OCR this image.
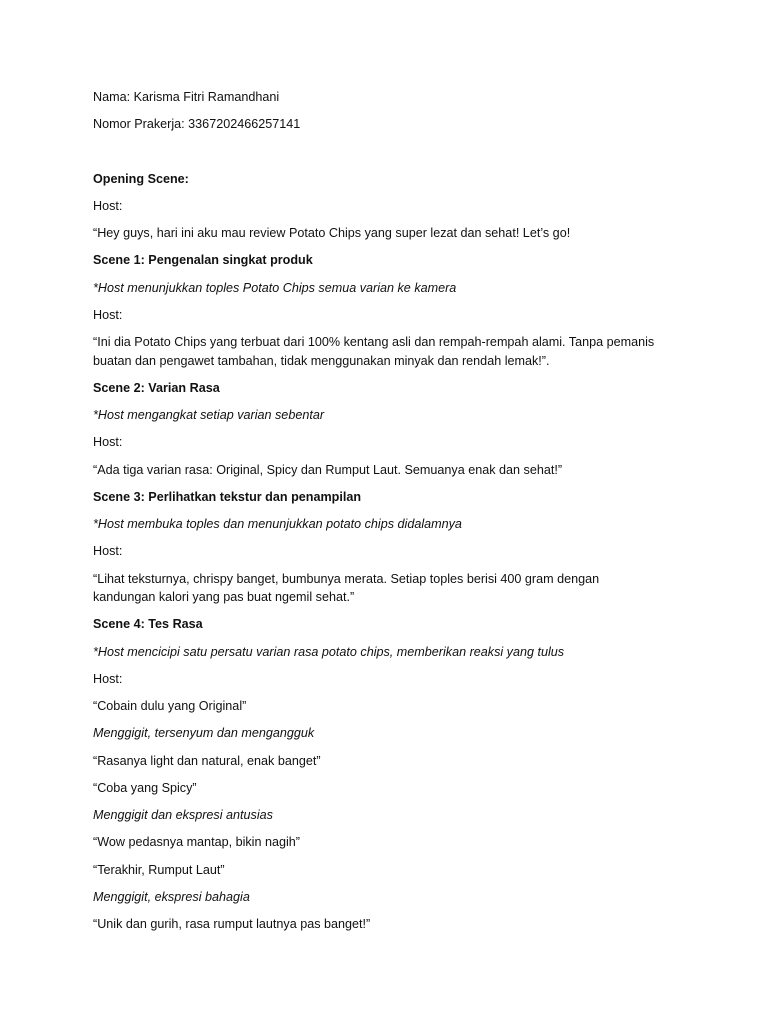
Nama: Karisma Fitri Ramandhani
Nomor Prakerja: 3367202466257141
Opening Scene:
Host:
“Hey guys, hari ini aku mau review Potato Chips yang super lezat dan sehat! Let’s go!
Scene 1: Pengenalan singkat produk
*Host menunjukkan toples Potato Chips semua varian ke kamera
Host:
“Ini dia Potato Chips yang terbuat dari 100% kentang asli dan rempah-rempah alami. Tanpa pemanis
buatan dan pengawet tambahan, tidak menggunakan minyak dan rendah lemak!”.
Scene 2: Varian Rasa
*Host mengangkat setiap varian sebentar
Host:
“Ada tiga varian rasa: Original, Spicy dan Rumput Laut. Semuanya enak dan sehat!”
Scene 3: Perlihatkan tekstur dan penampilan
*Host membuka toples dan menunjukkan potato chips didalamnya
Host:
“Lihat teksturnya, chrispy banget, bumbunya merata. Setiap toples berisi 400 gram dengan
kandungan kalori yang pas buat ngemil sehat.”
Scene 4: Tes Rasa
*Host mencicipi satu persatu varian rasa potato chips, memberikan reaksi yang tulus
Host:
“Cobain dulu yang Original”
Menggigit, tersenyum dan mengangguk
“Rasanya light dan natural, enak banget”
“Coba yang Spicy”
Menggigit dan ekspresi antusias
“Wow pedasnya mantap, bikin nagih”
“Terakhir, Rumput Laut”
Menggigit, ekspresi bahagia
“Unik dan gurih, rasa rumput lautnya pas banget!”
